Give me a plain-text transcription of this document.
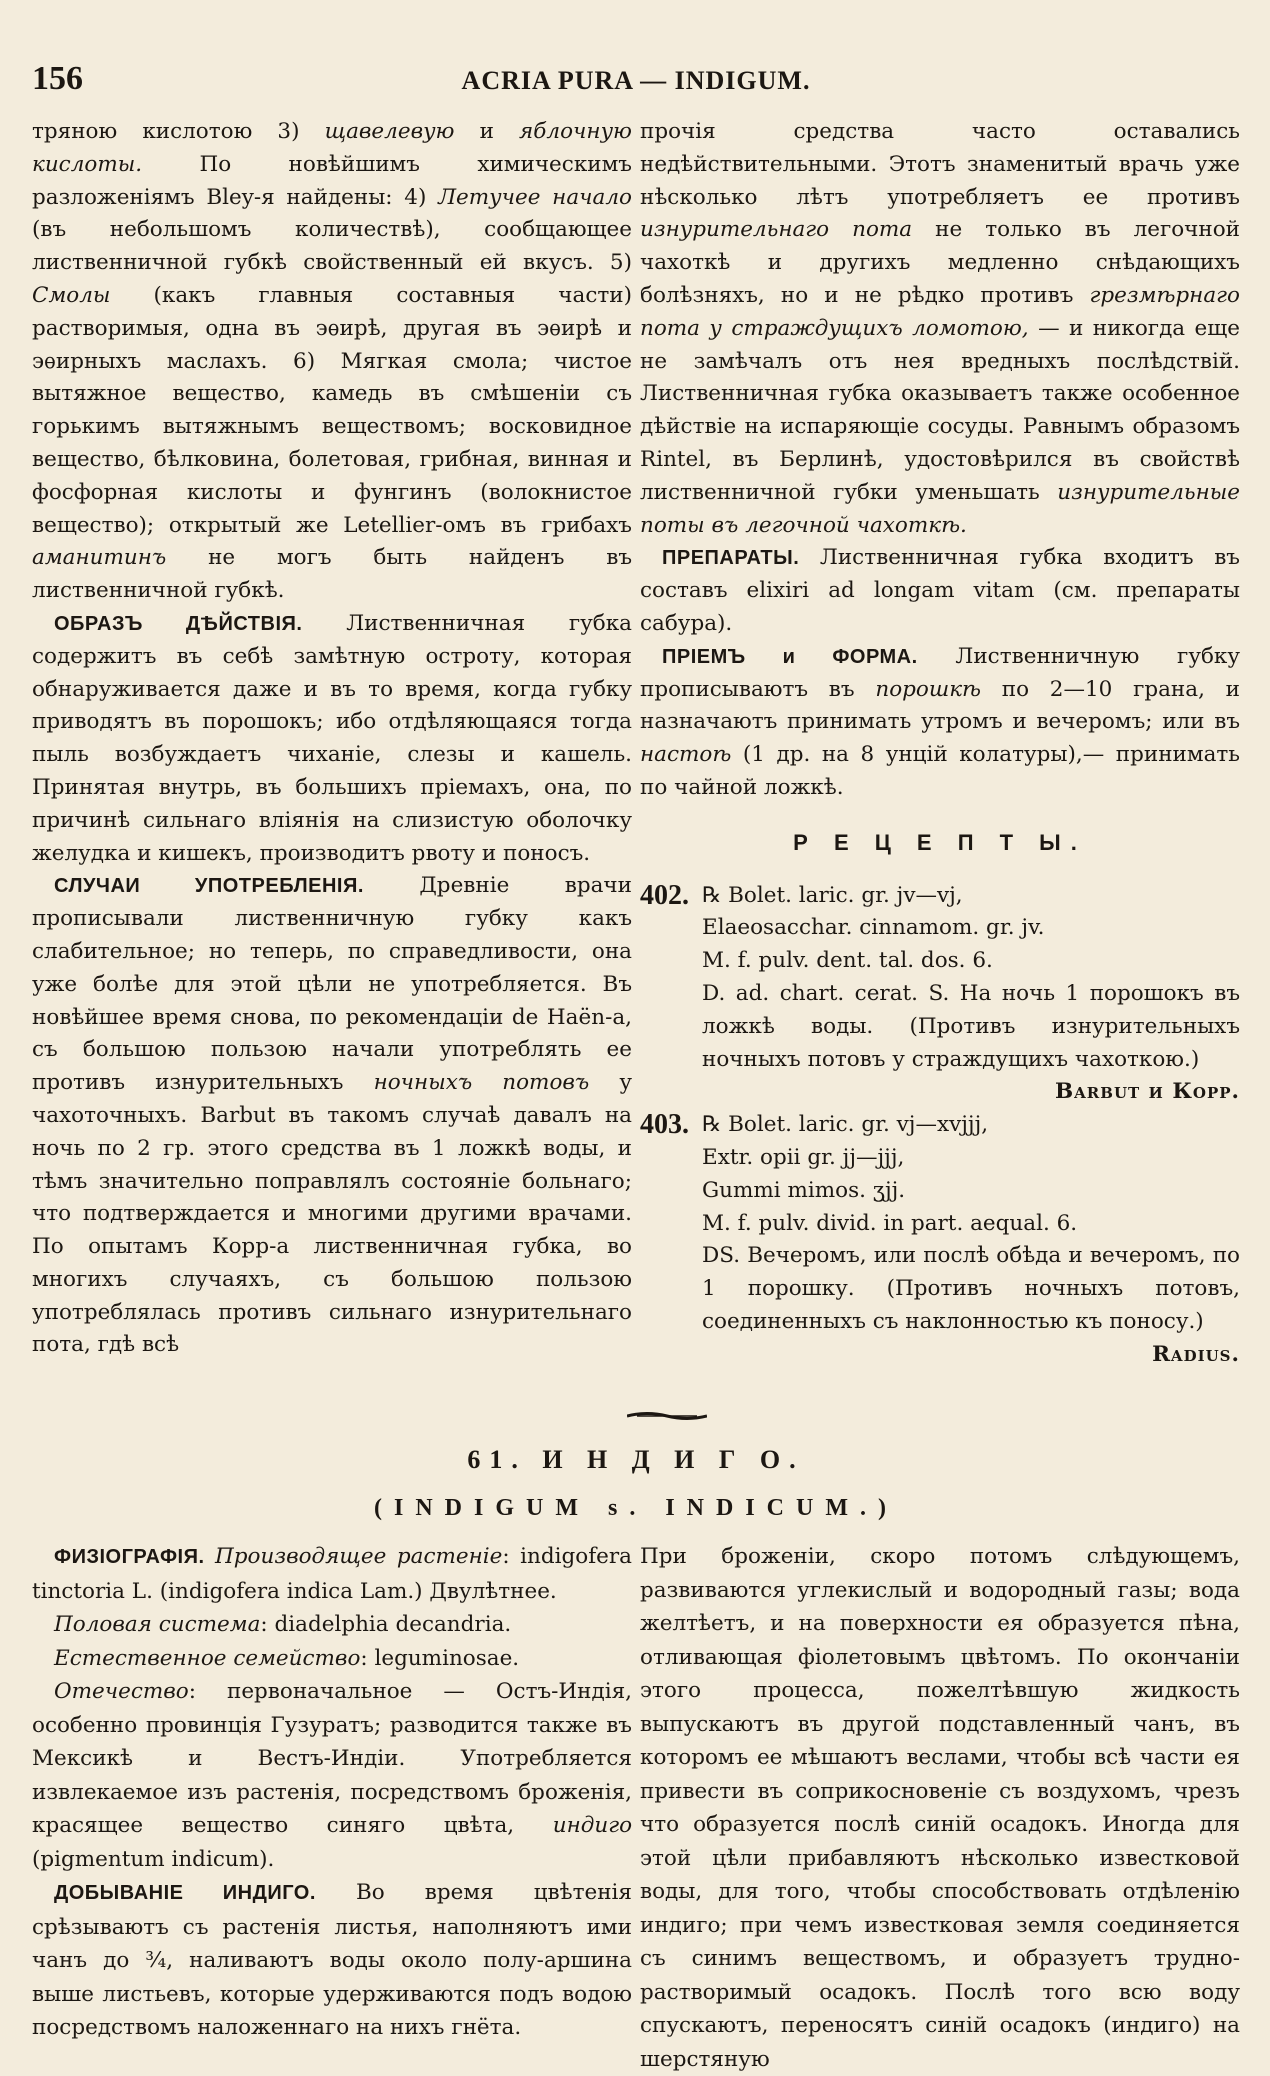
156	ACRIA PURA — INDIGUM.

тряною кислотою 3) щавелевую и яблочную кислоты.	По новѣйшимъ химическимъ разложеніямъ Bley-я найдены: 4) Летучее начало (въ небольшомъ количествѣ), сообщающее лиственничной губкѣ свойственный ей вкусъ. 5) Смолы (какъ главныя составныя части) растворимыя, одна въ эѳирѣ, другая въ эѳирѣ и эѳирныхъ маслахъ. 6) Мягкая смола; чистое вытяжное вещество, камедь въ смѣшеніи съ горькимъ вытяжнымъ веществомъ; восковидное вещество, бѣлковина, болетовая, грибная, винная и фосфорная кислоты и фунгинъ (волокнистое вещество); открытый же Letellier-омъ въ грибахъ аманитинъ не могъ быть найденъ въ лиственничной губкѣ.

ОБРАЗЪ ДѢЙСТВІЯ. Лиственничная губка содержитъ въ себѣ замѣтную остроту, которая обнаруживается даже и въ то время, когда губку приводятъ въ порошокъ; ибо отдѣляющаяся тогда пыль возбуждаетъ чиханіе, слезы и кашель. Принятая внутрь, въ большихъ пріемахъ, она, по причинѣ сильнаго вліянія на слизистую оболочку желудка и кишекъ, производитъ рвоту и поносъ.

СЛУЧАИ УПОТРЕБЛЕНІЯ.	Древніе врачи прописывали лиственничную губку какъ слабительное; но теперь, по справедливости, она уже болѣе для этой цѣли не употребляется. Въ новѣйшее время снова, по рекомендаціи de Haën-а, съ большою пользою начали употреблять ее противъ изнурительныхъ ночныхъ потовъ у чахоточныхъ. Barbut въ такомъ случаѣ давалъ на ночь по 2 гр. этого средства въ 1 ложкѣ воды, и тѣмъ значительно поправлялъ состояніе больнаго; что подтверждается и многими другими врачами. По опытамъ Корр-а лиственничная губка, во многихъ случаяхъ, съ большою пользою употреблялась противъ сильнаго изнурительнаго пота, гдѣ всѣ

прочія средства часто оставались недѣйствительными. Этотъ знаменитый врачь уже нѣсколько лѣтъ употребляетъ ее противъ изнурительнаго пота не только въ легочной чахоткѣ и другихъ медленно снѣдающихъ болѣзняхъ, но и не рѣдко противъ грезмѣрнаго пота у страждущихъ ломотою, — и никогда еще не замѣчалъ отъ нея вредныхъ послѣдствій. Лиственничная губка оказываетъ также особенное дѣйствіе на испаряющіе сосуды. Равнымъ образомъ Rintel, въ Берлинѣ, удостовѣрился въ свойствѣ лиственничной губки уменьшать изнурительные поты въ легочной чахоткѣ.

ПРЕПАРАТЫ. Лиственничная губка входитъ въ составъ elixiri ad longam vitam (см. препараты сабура).

ПРІЕМЪ и ФОРМА. Лиственничную губку прописываютъ въ порошкѣ по 2—10 грана, и назначаютъ принимать утромъ и вечеромъ; или въ настоѣ (1 др. на 8 унцій колатуры),— принимать по чайной ложкѣ.

Р Е Ц Е П Т Ы.
402. ℞ Bolet. laric. gr. jv—vj,
Elaeosacchar. cinnamom. gr. jv.
M. f. pulv. dent. tal. dos. 6.
D. ad. chart. cerat. S. На ночь 1 порошокъ въ ложкѣ воды. (Противъ изнурительныхъ ночныхъ потовъ у страждущихъ чахоткою.)
Barbut и Корр.
403. ℞ Bolet. laric. gr. vj—xvjjj,
Extr. opii gr. jj—jjj,
Gummi mimos. ʒjj.
M. f. pulv. divid. in part. aequal. 6.
DS. Вечеромъ, или послѣ обѣда и вечеромъ, по 1 порошку. (Противъ ночныхъ потовъ, соединенныхъ съ наклонностью къ поносу.)
Radius.
61. И Н Д И Г О.
(INDIGUM s. INDICUM.)

ФИЗІОГРАФІЯ. Производящее растеніе: indigofera tinctoria L. (indigofera indica Lam.) Двулѣтнее.

Половая система: diadelphia decandria.

Естественное семейство: leguminosae.

Отечество: первоначальное — Остъ-Индія, особенно провинція Гузуратъ; разводится также въ Мексикѣ и Вестъ-Индіи. Употребляется извлекаемое изъ растенія, посредствомъ броженія, красящее вещество синяго цвѣта, индиго (pigmentum indicum).

ДОБЫВАНІЕ ИНДИГО. Во время цвѣтенія срѣзываютъ съ растенія листья, наполняютъ ими чанъ до ¾, наливаютъ воды около полу-аршина выше листьевъ, которые удерживаются подъ водою посредствомъ наложеннаго на нихъ гнёта.

При броженіи, скоро потомъ слѣдующемъ, развиваются углекислый и водородный газы; вода желтѣетъ, и на поверхности ея образуется пѣна, отливающая фіолетовымъ цвѣтомъ. По окончаніи этого процесса, пожелтѣвшую жидкость выпускаютъ въ другой подставленный чанъ, въ которомъ ее мѣшаютъ веслами, чтобы всѣ части ея привести въ соприкосновеніе съ воздухомъ, чрезъ что образуется послѣ синій осадокъ. Иногда для этой цѣли прибавляютъ нѣсколько известковой воды, для того, чтобы способствовать отдѣленію индиго; при чемъ известковая земля соединяется съ синимъ веществомъ, и образуетъ трудно-растворимый осадокъ. Послѣ того всю воду спускаютъ, переносятъ синій осадокъ (индиго) на шерстяную
